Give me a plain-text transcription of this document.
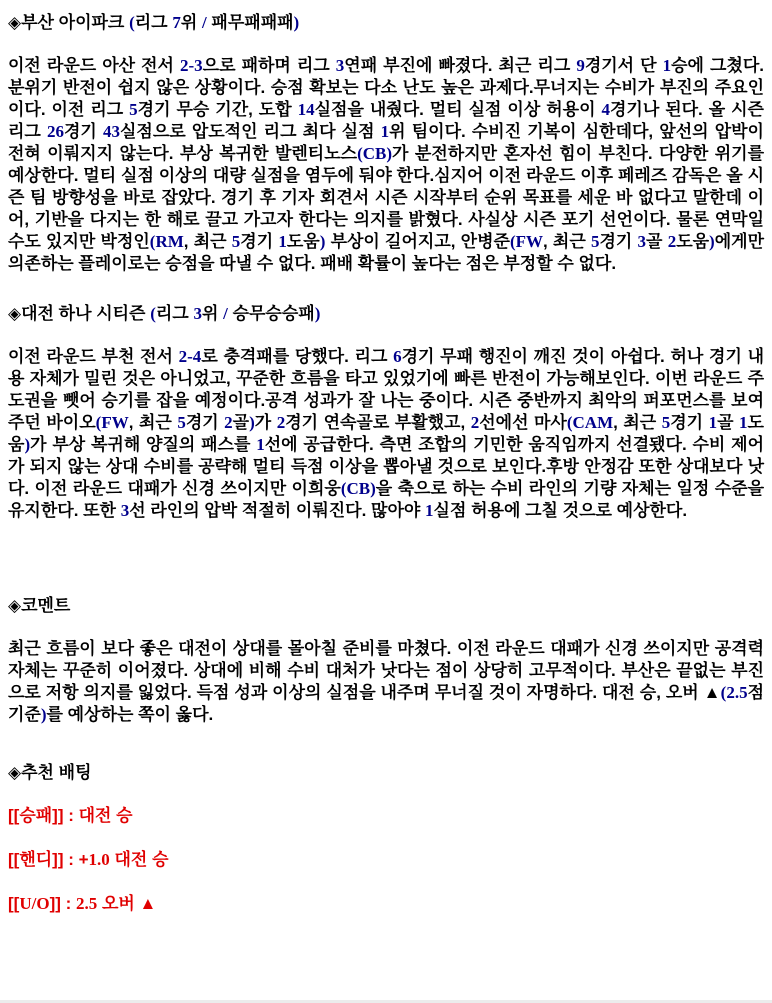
◈부산 아이파크 (리그 7위 / 패무패패패)

이전 라운드 아산 전서 2-3으로 패하며 리그 3연패 부진에 빠졌다. 최근 리그 9경기서 단 1승에 그쳤다. 분위기 반전이 쉽지 않은 상황이다. 승점 확보는 다소 난도 높은 과제다.무너지는 수비가 부진의 주요인이다. 이전 리그 5경기 무승 기간, 도합 14실점을 내줬다. 멀티 실점 이상 허용이 4경기나 된다. 올 시즌 리그 26경기 43실점으로 압도적인 리그 최다 실점 1위 팀이다. 수비진 기복이 심한데다, 앞선의 압박이 전혀 이뤄지지 않는다. 부상 복귀한 발렌티노스(CB)가 분전하지만 혼자선 힘이 부친다. 다양한 위기를 예상한다. 멀티 실점 이상의 대량 실점을 염두에 둬야 한다.심지어 이전 라운드 이후 페레즈 감독은 올 시즌 팀 방향성을 바로 잡았다. 경기 후 기자 회견서 시즌 시작부터 순위 목표를 세운 바 없다고 말한데 이어, 기반을 다지는 한 해로 끌고 가고자 한다는 의지를 밝혔다. 사실상 시즌 포기 선언이다. 물론 연막일 수도 있지만 박정인(RM, 최근 5경기 1도움) 부상이 길어지고, 안병준(FW, 최근 5경기 3골 2도움)에게만 의존하는 플레이로는 승점을 따낼 수 없다. 패배 확률이 높다는 점은 부정할 수 없다.

◈대전 하나 시티즌 (리그 3위 / 승무승승패)

이전 라운드 부천 전서 2-4로 충격패를 당했다. 리그 6경기 무패 행진이 깨진 것이 아쉽다. 허나 경기 내용 자체가 밀린 것은 아니었고, 꾸준한 흐름을 타고 있었기에 빠른 반전이 가능해보인다. 이번 라운드 주도권을 뺏어 승기를 잡을 예정이다.공격 성과가 잘 나는 중이다. 시즌 중반까지 최악의 퍼포먼스를 보여주던 바이오(FW, 최근 5경기 2골)가 2경기 연속골로 부활했고, 2선에선 마사(CAM, 최근 5경기 1골 1도움)가 부상 복귀해 양질의 패스를 1선에 공급한다. 측면 조합의 기민한 움직임까지 선결됐다. 수비 제어가 되지 않는 상대 수비를 공략해 멀티 득점 이상을 뽑아낼 것으로 보인다.후방 안정감 또한 상대보다 낫다. 이전 라운드 대패가 신경 쓰이지만 이희웅(CB)을 축으로 하는 수비 라인의 기량 자체는 일정 수준을 유지한다. 또한 3선 라인의 압박 적절히 이뤄진다. 많아야 1실점 허용에 그칠 것으로 예상한다.

◈코멘트

최근 흐름이 보다 좋은 대전이 상대를 몰아칠 준비를 마쳤다. 이전 라운드 대패가 신경 쓰이지만 공격력 자체는 꾸준히 이어졌다. 상대에 비해 수비 대처가 낫다는 점이 상당히 고무적이다. 부산은 끝없는 부진으로 저항 의지를 잃었다. 득점 성과 이상의 실점을 내주며 무너질 것이 자명하다. 대전 승, 오버 ▲(2.5점 기준)를 예상하는 쪽이 옳다.

◈추천 배팅

[[승패]] : 대전 승

[[핸디]] : +1.0 대전 승

[[U/O]] : 2.5 오버 ▲
